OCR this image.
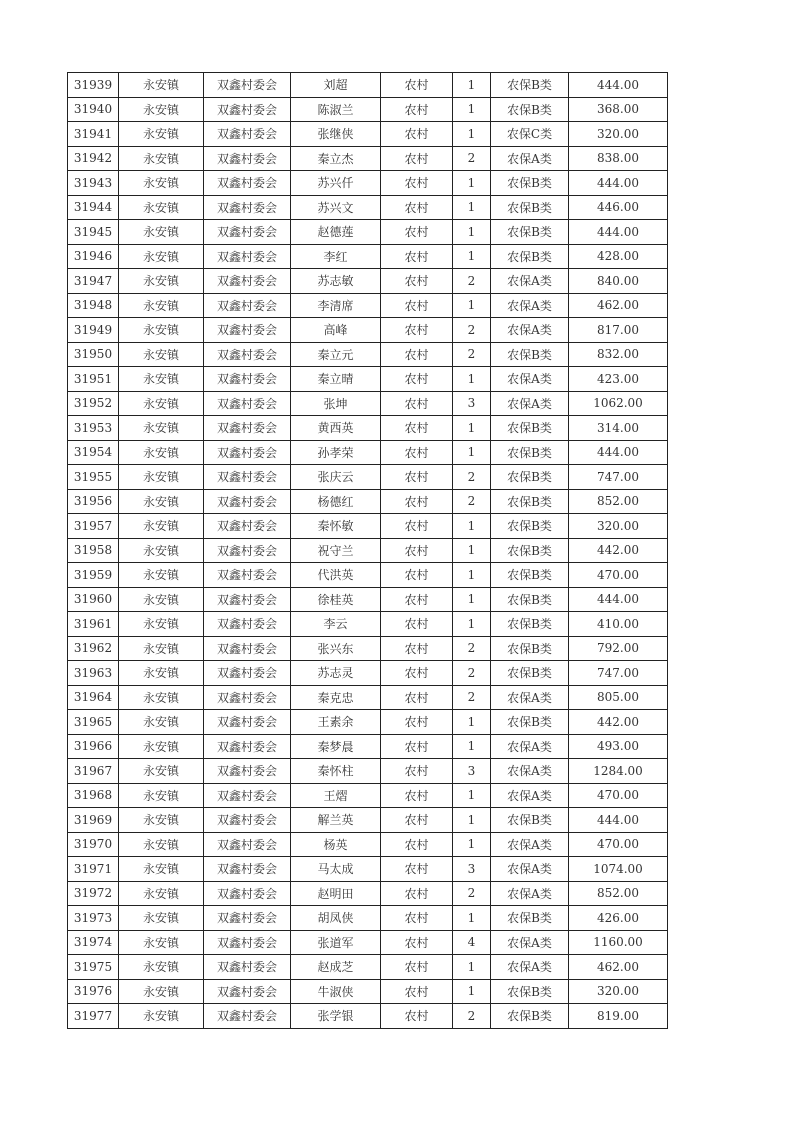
31939	永安镇	双鑫村委会	刘超	农村	1	农保B类	444.00
31940	永安镇	双鑫村委会	陈淑兰	农村	1	农保B类	368.00
31941	永安镇	双鑫村委会	张继侠	农村	1	农保C类	320.00
31942	永安镇	双鑫村委会	秦立杰	农村	2	农保A类	838.00
31943	永安镇	双鑫村委会	苏兴仟	农村	1	农保B类	444.00
31944	永安镇	双鑫村委会	苏兴文	农村	1	农保B类	446.00
31945	永安镇	双鑫村委会	赵德莲	农村	1	农保B类	444.00
31946	永安镇	双鑫村委会	李红	农村	1	农保B类	428.00
31947	永安镇	双鑫村委会	苏志敏	农村	2	农保A类	840.00
31948	永安镇	双鑫村委会	李清席	农村	1	农保A类	462.00
31949	永安镇	双鑫村委会	高峰	农村	2	农保A类	817.00
31950	永安镇	双鑫村委会	秦立元	农村	2	农保B类	832.00
31951	永安镇	双鑫村委会	秦立晴	农村	1	农保A类	423.00
31952	永安镇	双鑫村委会	张坤	农村	3	农保A类	1062.00
31953	永安镇	双鑫村委会	黄西英	农村	1	农保B类	314.00
31954	永安镇	双鑫村委会	孙孝荣	农村	1	农保B类	444.00
31955	永安镇	双鑫村委会	张庆云	农村	2	农保B类	747.00
31956	永安镇	双鑫村委会	杨德红	农村	2	农保B类	852.00
31957	永安镇	双鑫村委会	秦怀敏	农村	1	农保B类	320.00
31958	永安镇	双鑫村委会	祝守兰	农村	1	农保B类	442.00
31959	永安镇	双鑫村委会	代洪英	农村	1	农保B类	470.00
31960	永安镇	双鑫村委会	徐桂英	农村	1	农保B类	444.00
31961	永安镇	双鑫村委会	李云	农村	1	农保B类	410.00
31962	永安镇	双鑫村委会	张兴东	农村	2	农保B类	792.00
31963	永安镇	双鑫村委会	苏志灵	农村	2	农保B类	747.00
31964	永安镇	双鑫村委会	秦克忠	农村	2	农保A类	805.00
31965	永安镇	双鑫村委会	王素余	农村	1	农保B类	442.00
31966	永安镇	双鑫村委会	秦梦晨	农村	1	农保A类	493.00
31967	永安镇	双鑫村委会	秦怀柱	农村	3	农保A类	1284.00
31968	永安镇	双鑫村委会	王熠	农村	1	农保A类	470.00
31969	永安镇	双鑫村委会	解兰英	农村	1	农保B类	444.00
31970	永安镇	双鑫村委会	杨英	农村	1	农保A类	470.00
31971	永安镇	双鑫村委会	马太成	农村	3	农保A类	1074.00
31972	永安镇	双鑫村委会	赵明田	农村	2	农保A类	852.00
31973	永安镇	双鑫村委会	胡凤侠	农村	1	农保B类	426.00
31974	永安镇	双鑫村委会	张道军	农村	4	农保A类	1160.00
31975	永安镇	双鑫村委会	赵成芝	农村	1	农保A类	462.00
31976	永安镇	双鑫村委会	牛淑侠	农村	1	农保B类	320.00
31977	永安镇	双鑫村委会	张学银	农村	2	农保B类	819.00
